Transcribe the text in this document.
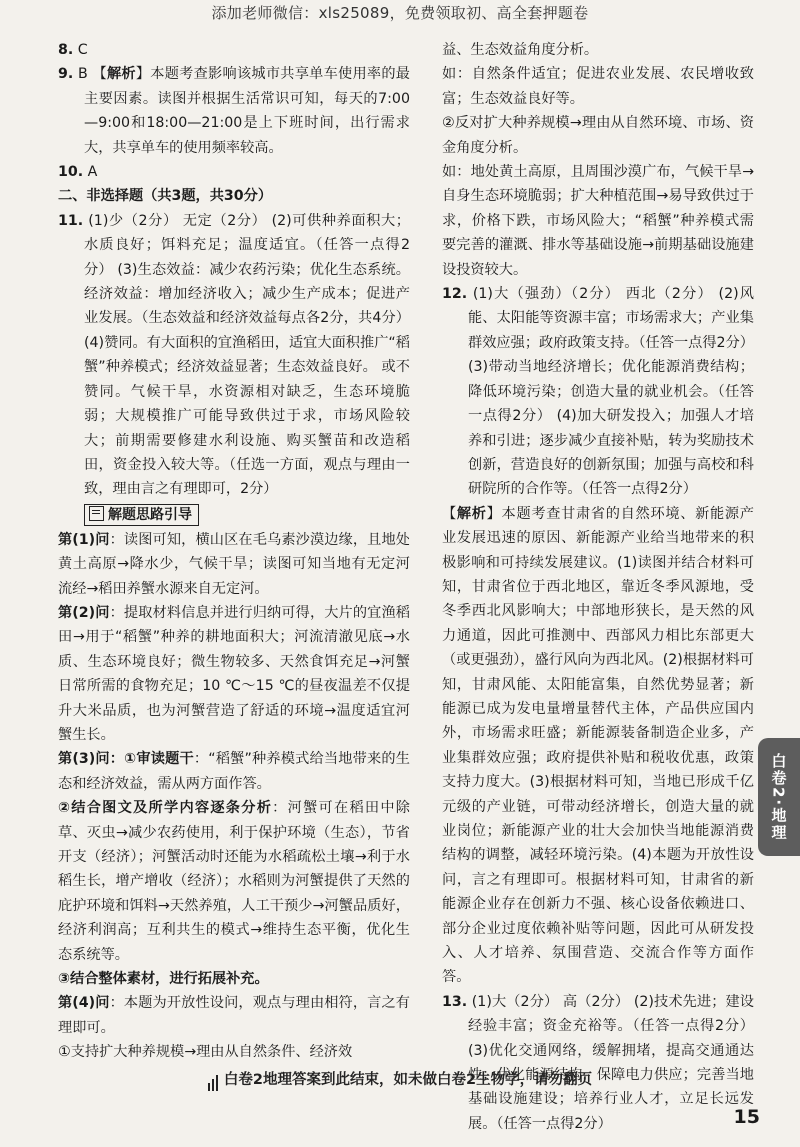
添加老师微信：xls25089，免费领取初、高全套押题卷
8. C
9. B 【解析】本题考查影响该城市共享单车使用率的最主要因素。读图并根据生活常识可知，每天的7:00—9:00和18:00—21:00是上下班时间，出行需求大，共享单车的使用频率较高。
10. A
二、非选择题（共3题，共30分）
11. (1)少（2分） 无定（2分） (2)可供种养面积大；水质良好；饵料充足；温度适宜。（任答一点得2分） (3)生态效益：减少农药污染；优化生态系统。经济效益：增加经济收入；减少生产成本；促进产业发展。（生态效益和经济效益每点各2分，共4分） (4)赞同。有大面积的宜渔稻田，适宜大面积推广“稻蟹”种养模式；经济效益显著；生态效益良好。 或不赞同。气候干旱，水资源相对缺乏，生态环境脆弱；大规模推广可能导致供过于求，市场风险较大；前期需要修建水利设施、购买蟹苗和改造稻田，资金投入较大等。（任选一方面，观点与理由一致，理由言之有理即可，2分）
解题思路引导
第(1)问：读图可知，横山区在毛乌素沙漠边缘，且地处黄土高原→降水少，气候干旱；读图可知当地有无定河流经→稻田养蟹水源来自无定河。
第(2)问：提取材料信息并进行归纳可得，大片的宜渔稻田→用于“稻蟹”种养的耕地面积大；河流清澈见底→水质、生态环境良好；微生物较多、天然食饵充足→河蟹日常所需的食物充足；10 ℃～15 ℃的昼夜温差不仅提升大米品质，也为河蟹营造了舒适的环境→温度适宜河蟹生长。
第(3)问：①审读题干：“稻蟹”种养模式给当地带来的生态和经济效益，需从两方面作答。
②结合图文及所学内容逐条分析：河蟹可在稻田中除草、灭虫→减少农药使用，利于保护环境（生态），节省开支（经济）；河蟹活动时还能为水稻疏松土壤→利于水稻生长，增产增收（经济）；水稻则为河蟹提供了天然的庇护环境和饵料→天然养殖，人工干预少→河蟹品质好，经济利润高；互利共生的模式→维持生态平衡，优化生态系统等。
③结合整体素材，进行拓展补充。
第(4)问：本题为开放性设问，观点与理由相符，言之有理即可。
①支持扩大种养规模→理由从自然条件、经济效
益、生态效益角度分析。
如：自然条件适宜；促进农业发展、农民增收致富；生态效益良好等。
②反对扩大种养规模→理由从自然环境、市场、资金角度分析。
如：地处黄土高原，且周围沙漠广布，气候干旱→自身生态环境脆弱；扩大种植范围→易导致供过于求，价格下跌，市场风险大；“稻蟹”种养模式需要完善的灌溉、排水等基础设施→前期基础设施建设投资较大。
12. (1)大（强劲）（2分） 西北（2分） (2)风能、太阳能等资源丰富；市场需求大；产业集群效应强；政府政策支持。（任答一点得2分） (3)带动当地经济增长；优化能源消费结构；降低环境污染；创造大量的就业机会。（任答一点得2分） (4)加大研发投入；加强人才培养和引进；逐步减少直接补贴，转为奖励技术创新，营造良好的创新氛围；加强与高校和科研院所的合作等。（任答一点得2分）
【解析】本题考查甘肃省的自然环境、新能源产业发展迅速的原因、新能源产业给当地带来的积极影响和可持续发展建议。(1)读图并结合材料可知，甘肃省位于西北地区，靠近冬季风源地，受冬季西北风影响大；中部地形狭长，是天然的风力通道，因此可推测中、西部风力相比东部更大（或更强劲），盛行风向为西北风。(2)根据材料可知，甘肃风能、太阳能富集，自然优势显著；新能源已成为发电量增量替代主体，产品供应国内外，市场需求旺盛；新能源装备制造企业多，产业集群效应强；政府提供补贴和税收优惠，政策支持力度大。(3)根据材料可知，当地已形成千亿元级的产业链，可带动经济增长，创造大量的就业岗位；新能源产业的壮大会加快当地能源消费结构的调整，减轻环境污染。(4)本题为开放性设问，言之有理即可。根据材料可知，甘肃省的新能源企业存在创新力不强、核心设备依赖进口、部分企业过度依赖补贴等问题，因此可从研发投入、人才培养、氛围营造、交流合作等方面作答。
13. (1)大（2分） 高（2分） (2)技术先进；建设经验丰富；资金充裕等。（任答一点得2分） (3)优化交通网络，缓解拥堵，提高交通通达性；优化能源结构，保障电力供应；完善当地基础设施建设；培养行业人才，立足长远发展。（任答一点得2分）
白卷2·地理
白卷2地理答案到此结束，如未做白卷2生物学，请勿翻页
15
